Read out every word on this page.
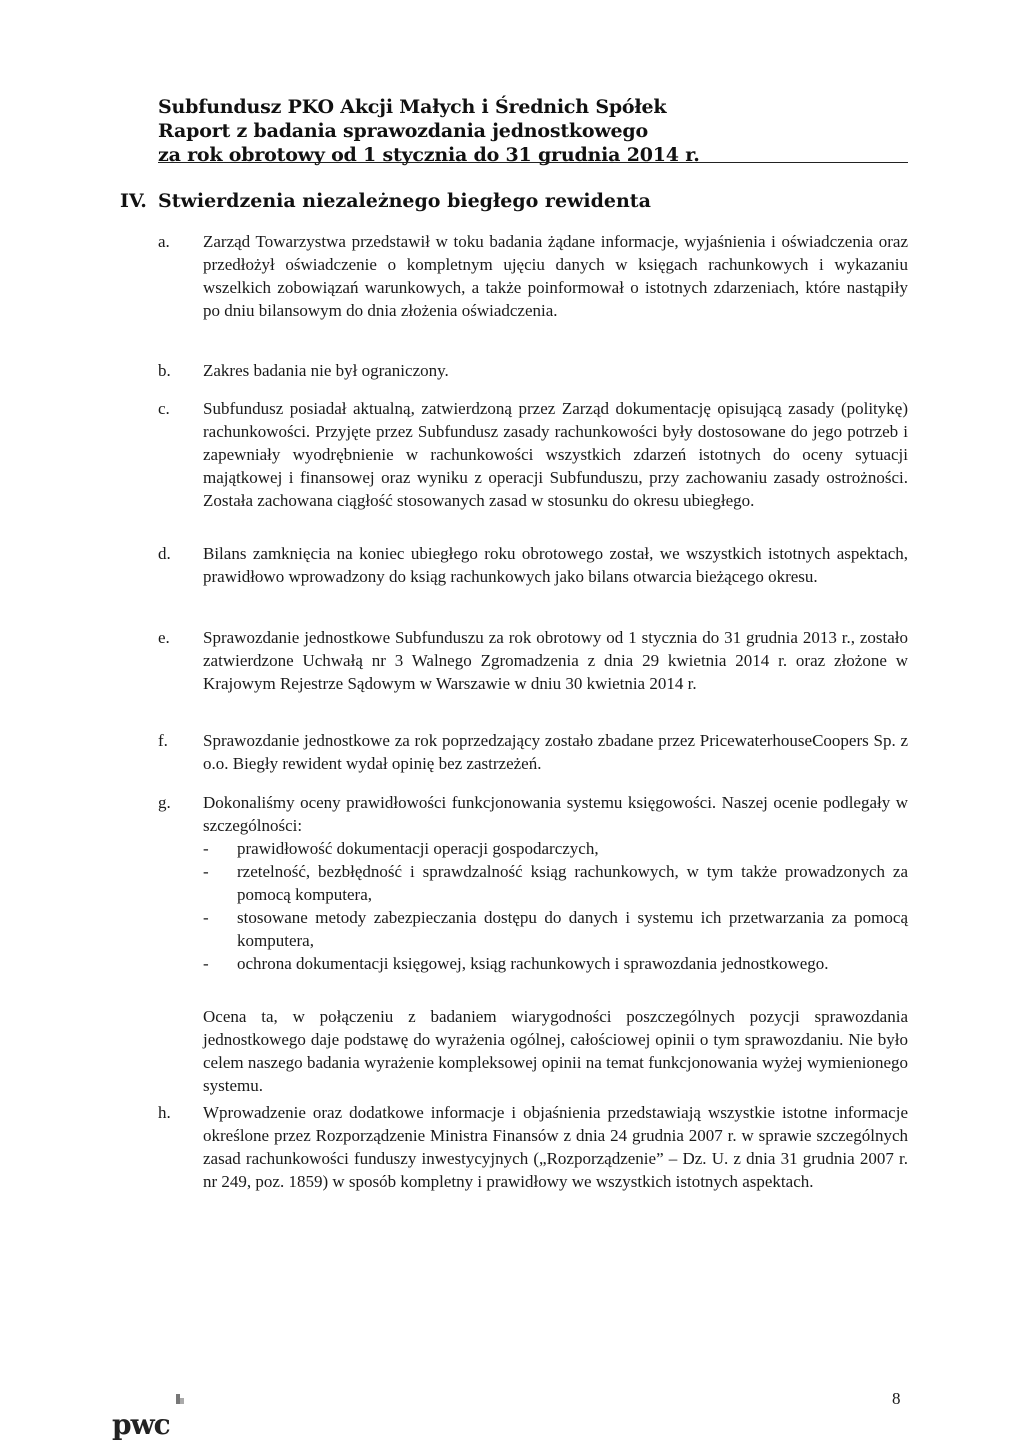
Subfundusz PKO Akcji Małych i Średnich Spółek
Raport z badania sprawozdania jednostkowego
za rok obrotowy od 1 stycznia do 31 grudnia 2014 r.
IV. Stwierdzenia niezależnego biegłego rewidenta
a. Zarząd Towarzystwa przedstawił w toku badania żądane informacje, wyjaśnienia i oświadczenia oraz przedłożył oświadczenie o kompletnym ujęciu danych w księgach rachunkowych i wykazaniu wszelkich zobowiązań warunkowych, a także poinformował o istotnych zdarzeniach, które nastąpiły po dniu bilansowym do dnia złożenia oświadczenia.

b. Zakres badania nie był ograniczony.

c. Subfundusz posiadał aktualną, zatwierdzoną przez Zarząd dokumentację opisującą zasady (politykę) rachunkowości. Przyjęte przez Subfundusz zasady rachunkowości były dostosowane do jego potrzeb i zapewniały wyodrębnienie w rachunkowości wszystkich zdarzeń istotnych do oceny sytuacji majątkowej i finansowej oraz wyniku z operacji Subfunduszu, przy zachowaniu zasady ostrożności. Została zachowana ciągłość stosowanych zasad w stosunku do okresu ubiegłego.

d. Bilans zamknięcia na koniec ubiegłego roku obrotowego został, we wszystkich istotnych aspektach, prawidłowo wprowadzony do ksiąg rachunkowych jako bilans otwarcia bieżącego okresu.

e. Sprawozdanie jednostkowe Subfunduszu za rok obrotowy od 1 stycznia do 31 grudnia 2013 r., zostało zatwierdzone Uchwałą nr 3 Walnego Zgromadzenia z dnia 29 kwietnia 2014 r. oraz złożone w Krajowym Rejestrze Sądowym w Warszawie w dniu 30 kwietnia 2014 r.

f. Sprawozdanie jednostkowe za rok poprzedzający zostało zbadane przez PricewaterhouseCoopers Sp. z o.o. Biegły rewident wydał opinię bez zastrzeżeń.

g. Dokonaliśmy oceny prawidłowości funkcjonowania systemu księgowości. Naszej ocenie podlegały w szczególności:

- prawidłowość dokumentacji operacji gospodarczych,
- rzetelność, bezbłędność i sprawdzalność ksiąg rachunkowych, w tym także prowadzonych za pomocą komputera,
- stosowane metody zabezpieczania dostępu do danych i systemu ich przetwarzania za pomocą komputera,
- ochrona dokumentacji księgowej, ksiąg rachunkowych i sprawozdania jednostkowego.

Ocena ta, w połączeniu z badaniem wiarygodności poszczególnych pozycji sprawozdania jednostkowego daje podstawę do wyrażenia ogólnej, całościowej opinii o tym sprawozdaniu. Nie było celem naszego badania wyrażenie kompleksowej opinii na temat funkcjonowania wyżej wymienionego systemu.

h. Wprowadzenie oraz dodatkowe informacje i objaśnienia przedstawiają wszystkie istotne informacje określone przez Rozporządzenie Ministra Finansów z dnia 24 grudnia 2007 r. w sprawie szczególnych zasad rachunkowości funduszy inwestycyjnych („Rozporządzenie” – Dz. U. z dnia 31 grudnia 2007 r. nr 249, poz. 1859) w sposób kompletny i prawidłowy we wszystkich istotnych aspektach.

pwc
8
